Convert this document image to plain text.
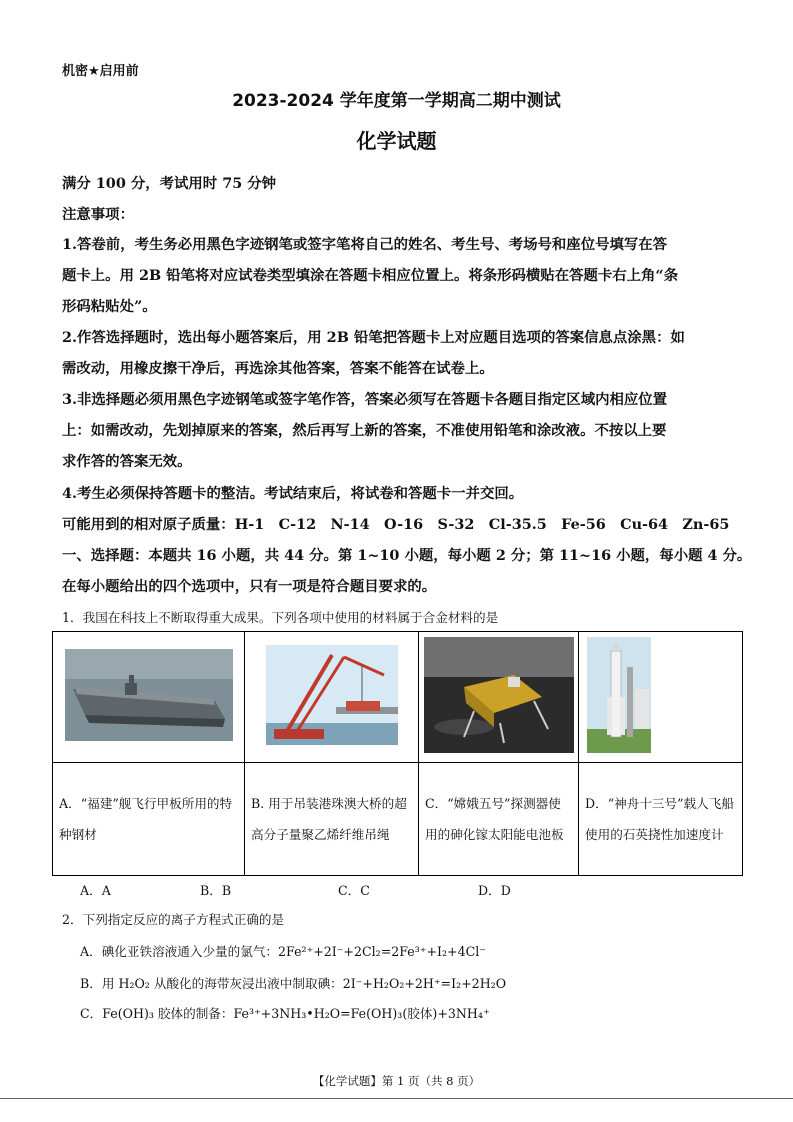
机密★启用前
2023-2024 学年度第一学期高二期中测试
化学试题
满分 100 分，考试用时 75 分钟
注意事项：
1.答卷前，考生务必用黑色字迹钢笔或签字笔将自己的姓名、考生号、考场号和座位号填写在答
题卡上。用 2B 铅笔将对应试卷类型填涂在答题卡相应位置上。将条形码横贴在答题卡右上角“条
形码粘贴处”。
2.作答选择题时，选出每小题答案后，用 2B 铅笔把答题卡上对应题目选项的答案信息点涂黑：如
需改动，用橡皮擦干净后，再选涂其他答案，答案不能答在试卷上。
3.非选择题必须用黑色字迹钢笔或签字笔作答，答案必须写在答题卡各题目指定区域内相应位置
上：如需改动，先划掉原来的答案，然后再写上新的答案，不准使用铅笔和涂改液。不按以上要
求作答的答案无效。
4.考生必须保持答题卡的整洁。考试结束后，将试卷和答题卡一并交回。
可能用到的相对原子质量：H-1　C-12　N-14　O-16　S-32　Cl-35.5　Fe-56　Cu-64　Zn-65
一、选择题：本题共 16 小题，共 44 分。第 1~10 小题，每小题 2 分；第 11~16 小题，每小题 4 分。
在每小题给出的四个选项中，只有一项是符合题目要求的。
1．我国在科技上不断取得重大成果。下列各项中使用的材料属于合金材料的是

A．“福建”舰飞行甲板所用的特种钢材	B. 用于吊装港珠澳大桥的超高分子量聚乙烯纤维吊绳	C．“嫦娥五号”探测器使用的砷化镓太阳能电池板	D．“神舟十三号”载人飞船使用的石英挠性加速度计
A．A	B．B	C．C	D．D
2．下列指定反应的离子方程式正确的是
A．碘化亚铁溶液通入少量的氯气：2Fe²⁺+2I⁻+2Cl₂=2Fe³⁺+I₂+4Cl⁻
B．用 H₂O₂ 从酸化的海带灰浸出液中制取碘：2I⁻+H₂O₂+2H⁺=I₂+2H₂O
C．Fe(OH)₃ 胶体的制备：Fe³⁺+3NH₃•H₂O=Fe(OH)₃(胶体)+3NH₄⁺
【化学试题】第 1 页（共 8 页）
